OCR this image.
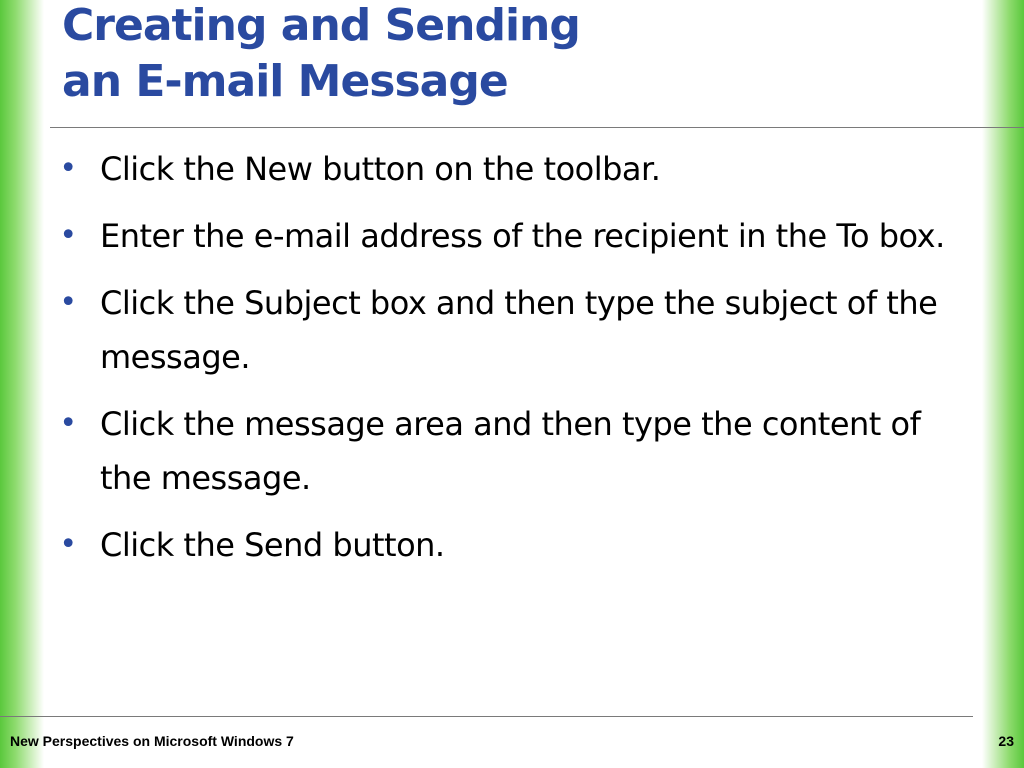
Creating and Sending
an E-mail Message
• Click the New button on the toolbar.
• Enter the e-mail address of the recipient in the To box.
• Click the Subject box and then type the subject of the message.
• Click the message area and then type the content of the message.
• Click the Send button.
New Perspectives on Microsoft Windows 7	23
